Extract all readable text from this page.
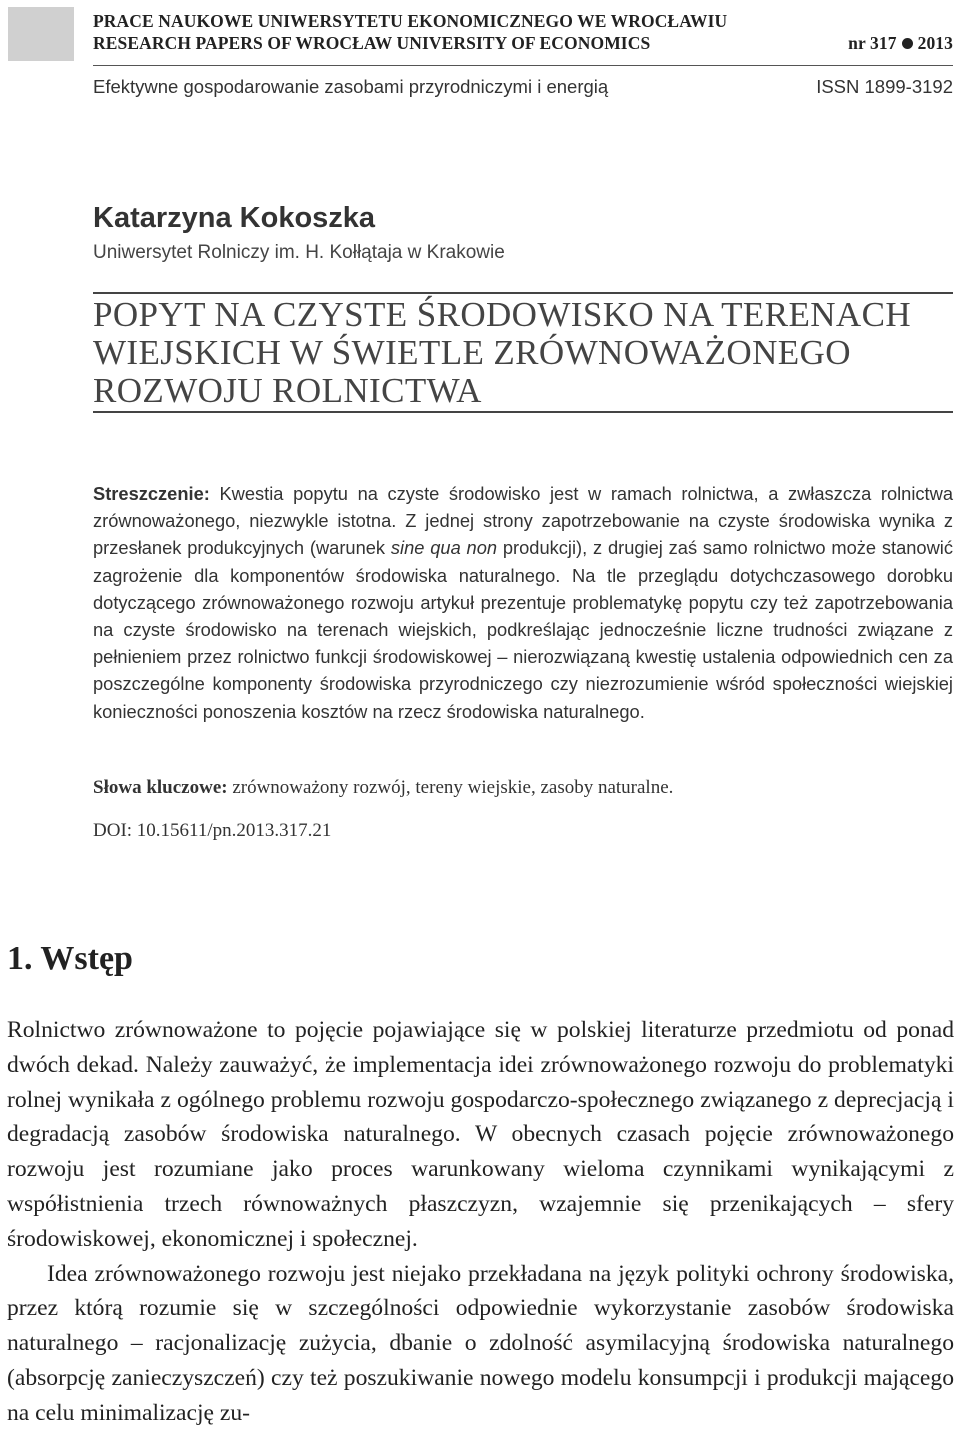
PRACE NAUKOWE UNIWERSYTETU EKONOMICZNEGO WE WROCŁAWIU
RESEARCH PAPERS OF WROCŁAW UNIVERSITY OF ECONOMICS	nr 317 2013
Efektywne gospodarowanie zasobami przyrodniczymi i energią	ISSN 1899-3192
Katarzyna Kokoszka
Uniwersytet Rolniczy im. H. Kołłątaja w Krakowie
POPYT NA CZYSTE ŚRODOWISKO NA TERENACH
WIEJSKICH W ŚWIETLE ZRÓWNOWAŻONEGO
ROZWOJU ROLNICTWA
Streszczenie: Kwestia popytu na czyste środowisko jest w ramach rolnictwa, a zwłaszcza rolnictwa zrównoważonego, niezwykle istotna. Z jednej strony zapotrzebowanie na czyste środowiska wynika z przesłanek produkcyjnych (warunek sine qua non produkcji), z drugiej zaś samo rolnictwo może stanowić zagrożenie dla komponentów środowiska naturalnego. Na tle przeglądu dotychczasowego dorobku dotyczącego zrównoważonego rozwoju artykuł prezentuje problematykę popytu czy też zapotrzebowania na czyste środowisko na terenach wiejskich, podkreślając jednocześnie liczne trudności związane z pełnieniem przez rolnictwo funkcji środowiskowej – nierozwiązaną kwestię ustalenia odpowiednich cen za poszczególne komponenty środowiska przyrodniczego czy niezrozumienie wśród społeczności wiejskiej konieczności ponoszenia kosztów na rzecz środowiska naturalnego.
Słowa kluczowe: zrównoważony rozwój, tereny wiejskie, zasoby naturalne.
DOI: 10.15611/pn.2013.317.21
1. Wstęp

Rolnictwo zrównoważone to pojęcie pojawiające się w polskiej literaturze przedmiotu od ponad dwóch dekad. Należy zauważyć, że implementacja idei zrównoważonego rozwoju do problematyki rolnej wynikała z ogólnego problemu rozwoju gospodarczo-społecznego związanego z deprecjacją i degradacją zasobów środowiska naturalnego. W obecnych czasach pojęcie zrównoważonego rozwoju jest rozumiane jako proces warunkowany wieloma czynnikami wynikającymi z współistnienia trzech równoważnych płaszczyzn, wzajemnie się przenikających – sfery środowiskowej, ekonomicznej i społecznej.

Idea zrównoważonego rozwoju jest niejako przekładana na język polityki ochrony środowiska, przez którą rozumie się w szczególności odpowiednie wykorzystanie zasobów środowiska naturalnego – racjonalizację zużycia, dbanie o zdolność asymilacyjną środowiska naturalnego (absorpcję zanieczyszczeń) czy też poszukiwanie nowego modelu konsumpcji i produkcji mającego na celu minimalizację zu-
